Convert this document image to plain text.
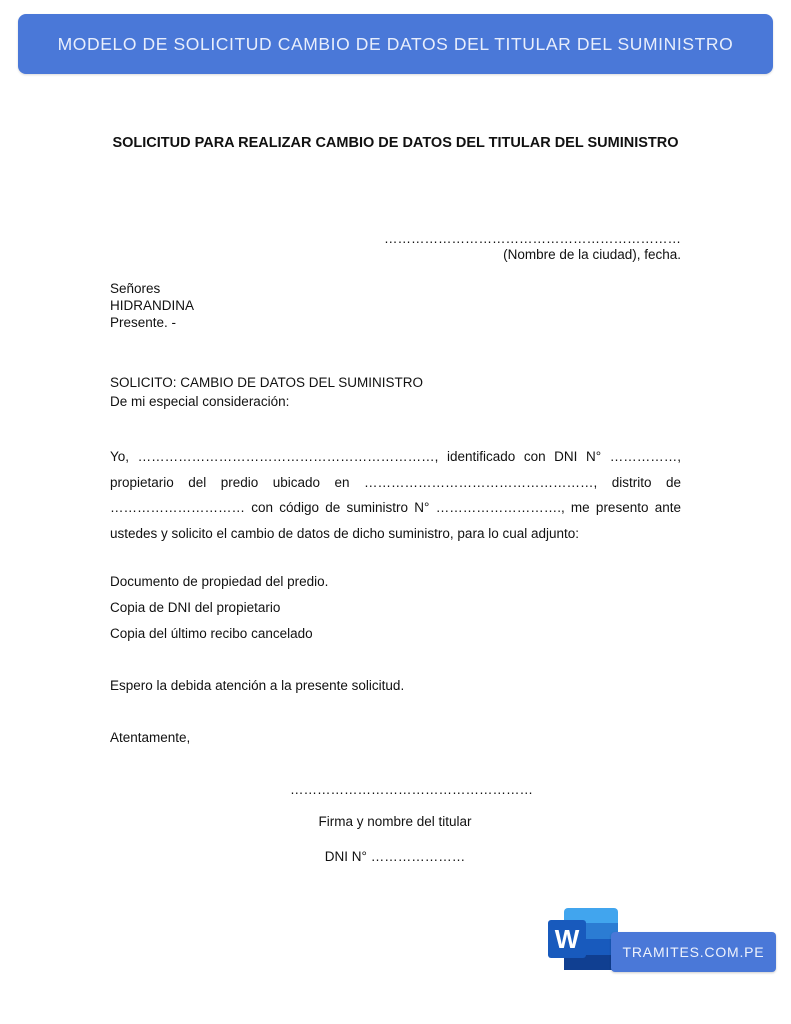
MODELO DE SOLICITUD CAMBIO DE DATOS DEL TITULAR DEL SUMINISTRO
SOLICITUD PARA REALIZAR CAMBIO DE DATOS DEL TITULAR DEL SUMINISTRO
…………………………………………………………
(Nombre de la ciudad), fecha.
Señores
HIDRANDINA
Presente. -
SOLICITO: CAMBIO DE DATOS DEL SUMINISTRO
De mi especial consideración:
Yo, …………………………………………………………, identificado con DNI N° ……………,
propietario del predio ubicado en ……………………………………………, distrito de
………………………… con código de suministro N° ………………………., me presento ante
ustedes y solicito el cambio de datos de dicho suministro, para lo cual adjunto:
Documento de propiedad del predio.
Copia de DNI del propietario
Copia del último recibo cancelado
Espero la debida atención a la presente solicitud.
Atentamente,
………………………………………………
Firma y nombre del titular
DNI N° …………………
W	TRAMITES.COM.PE
